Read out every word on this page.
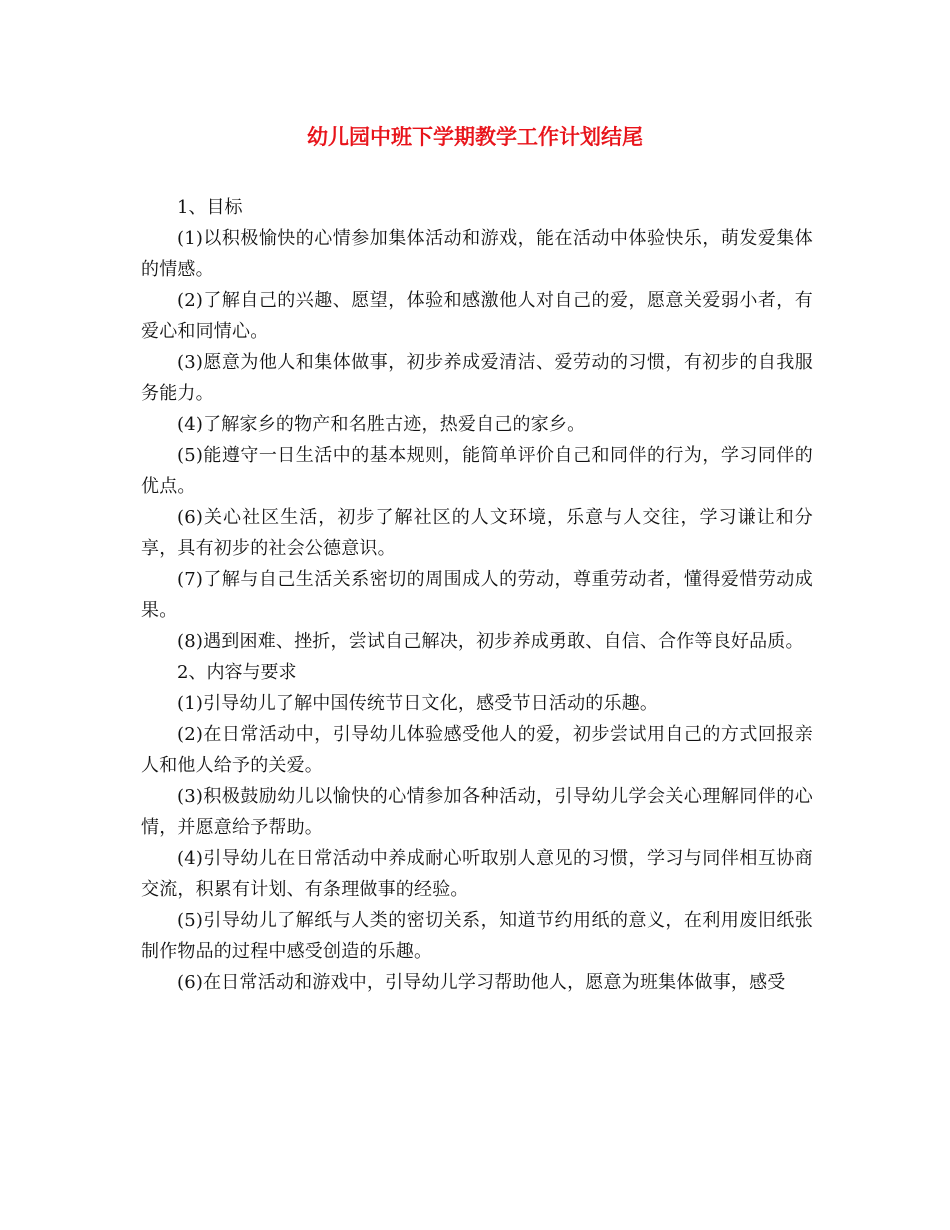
幼儿园中班下学期教学工作计划结尾

1、目标

(1)以积极愉快的心情参加集体活动和游戏，能在活动中体验快乐，萌发爱集体的情感。

(2)了解自己的兴趣、愿望，体验和感激他人对自己的爱，愿意关爱弱小者，有爱心和同情心。

(3)愿意为他人和集体做事，初步养成爱清洁、爱劳动的习惯，有初步的自我服务能力。

(4)了解家乡的物产和名胜古迹，热爱自己的家乡。

(5)能遵守一日生活中的基本规则，能简单评价自己和同伴的行为，学习同伴的优点。

(6)关心社区生活，初步了解社区的人文环境，乐意与人交往，学习谦让和分享，具有初步的社会公德意识。

(7)了解与自己生活关系密切的周围成人的劳动，尊重劳动者，懂得爱惜劳动成果。

(8)遇到困难、挫折，尝试自己解决，初步养成勇敢、自信、合作等良好品质。

2、内容与要求

(1)引导幼儿了解中国传统节日文化，感受节日活动的乐趣。

(2)在日常活动中，引导幼儿体验感受他人的爱，初步尝试用自己的方式回报亲人和他人给予的关爱。

(3)积极鼓励幼儿以愉快的心情参加各种活动，引导幼儿学会关心理解同伴的心情，并愿意给予帮助。

(4)引导幼儿在日常活动中养成耐心听取别人意见的习惯，学习与同伴相互协商交流，积累有计划、有条理做事的经验。

(5)引导幼儿了解纸与人类的密切关系，知道节约用纸的意义，在利用废旧纸张制作物品的过程中感受创造的乐趣。

(6)在日常活动和游戏中，引导幼儿学习帮助他人，愿意为班集体做事，感受
